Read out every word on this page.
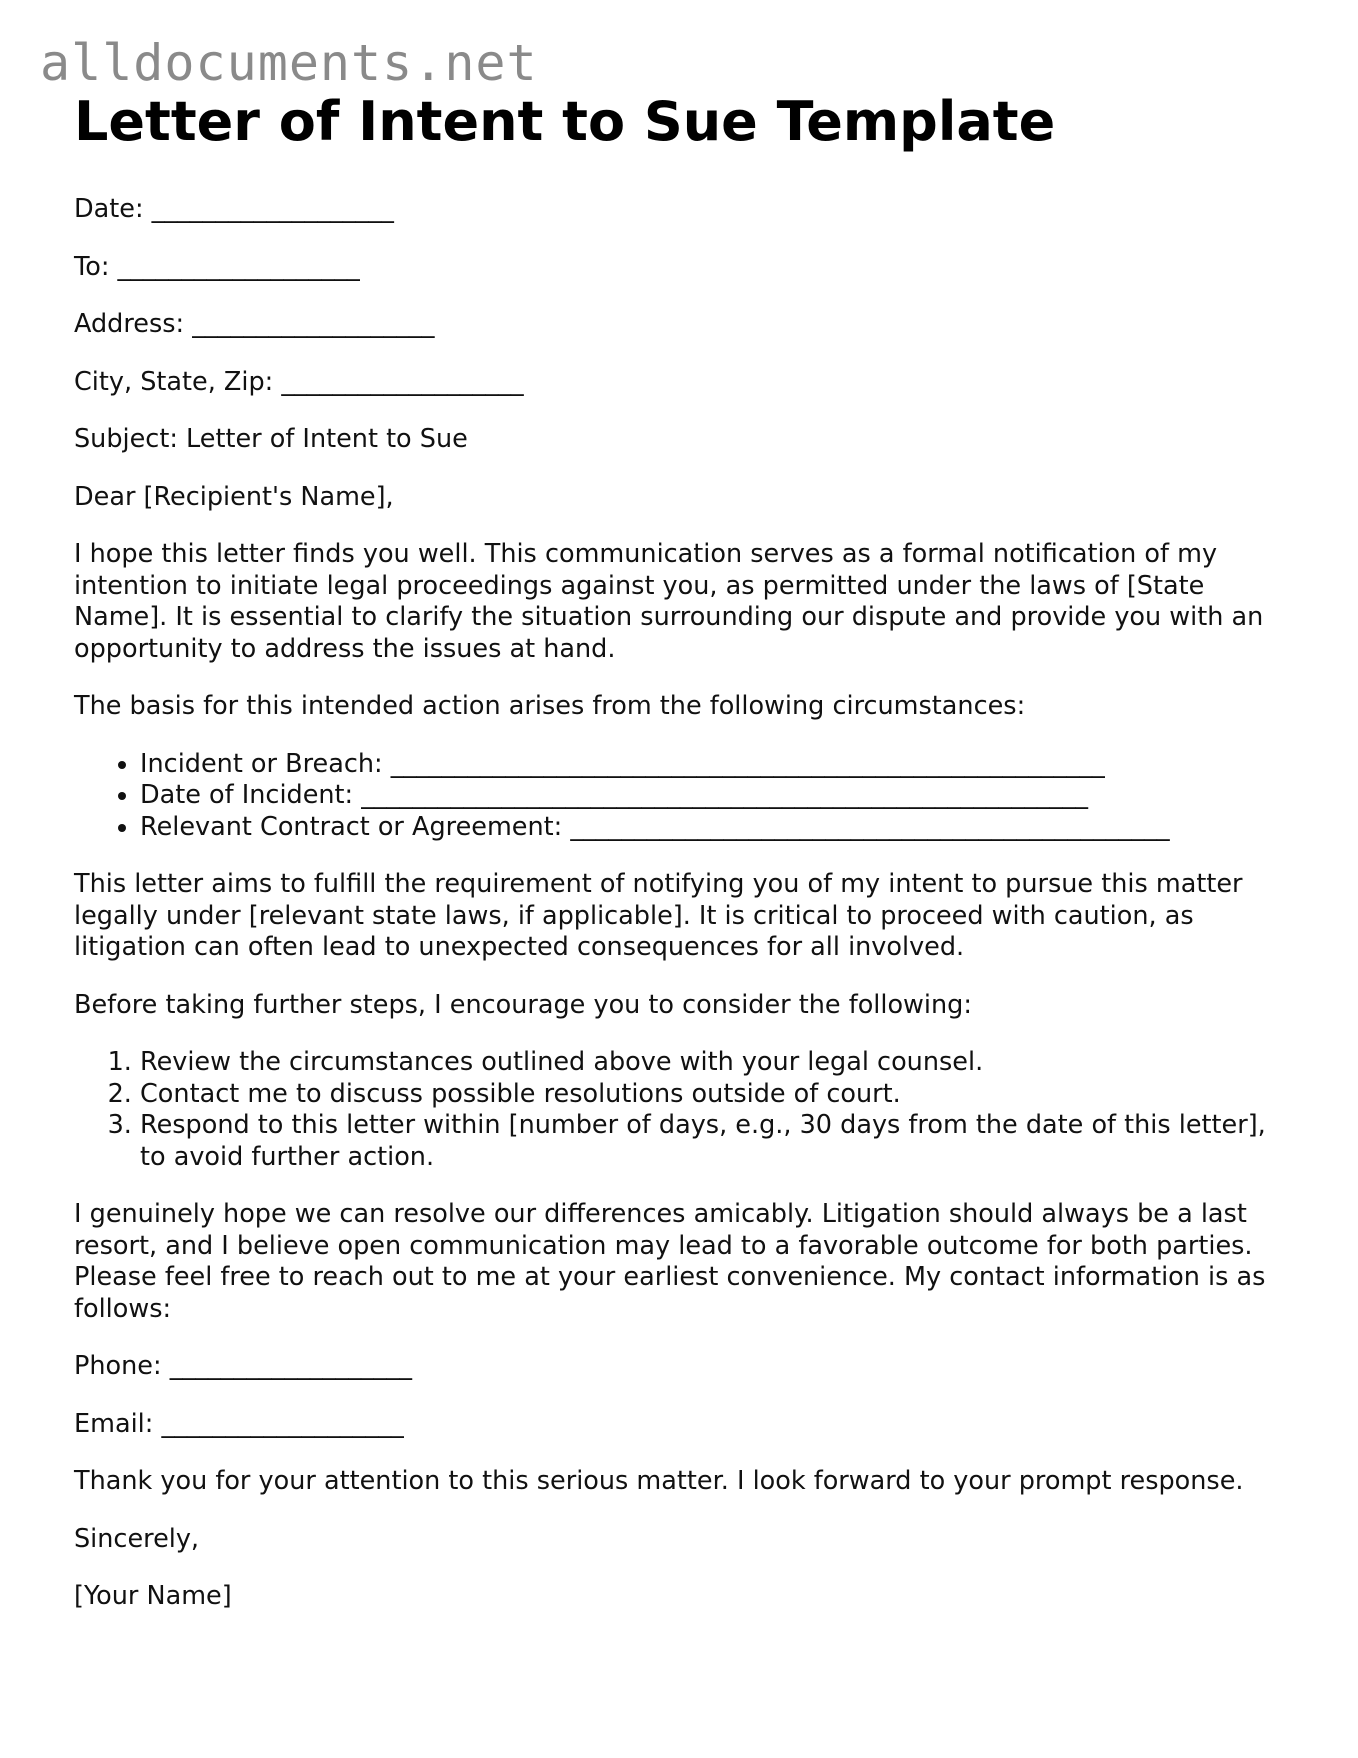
alldocuments.net
Letter of Intent to Sue Template

Date: ___________________

To: ___________________

Address: ___________________

City, State, Zip: ___________________

Subject: Letter of Intent to Sue

Dear [Recipient's Name],

I hope this letter finds you well. This communication serves as a formal notification of my intention to initiate legal proceedings against you, as permitted under the laws of [State Name]. It is essential to clarify the situation surrounding our dispute and provide you with an opportunity to address the issues at hand.

The basis for this intended action arises from the following circumstances:

• Incident or Breach: ________________________________________________________
• Date of Incident: _________________________________________________________
• Relevant Contract or Agreement: _______________________________________________

This letter aims to fulfill the requirement of notifying you of my intent to pursue this matter legally under [relevant state laws, if applicable]. It is critical to proceed with caution, as litigation can often lead to unexpected consequences for all involved.

Before taking further steps, I encourage you to consider the following:

1. Review the circumstances outlined above with your legal counsel.
2. Contact me to discuss possible resolutions outside of court.
3. Respond to this letter within [number of days, e.g., 30 days from the date of this letter], to avoid further action.

I genuinely hope we can resolve our differences amicably. Litigation should always be a last resort, and I believe open communication may lead to a favorable outcome for both parties. Please feel free to reach out to me at your earliest convenience. My contact information is as follows:

Phone: ___________________

Email: ___________________

Thank you for your attention to this serious matter. I look forward to your prompt response.

Sincerely,

[Your Name]
